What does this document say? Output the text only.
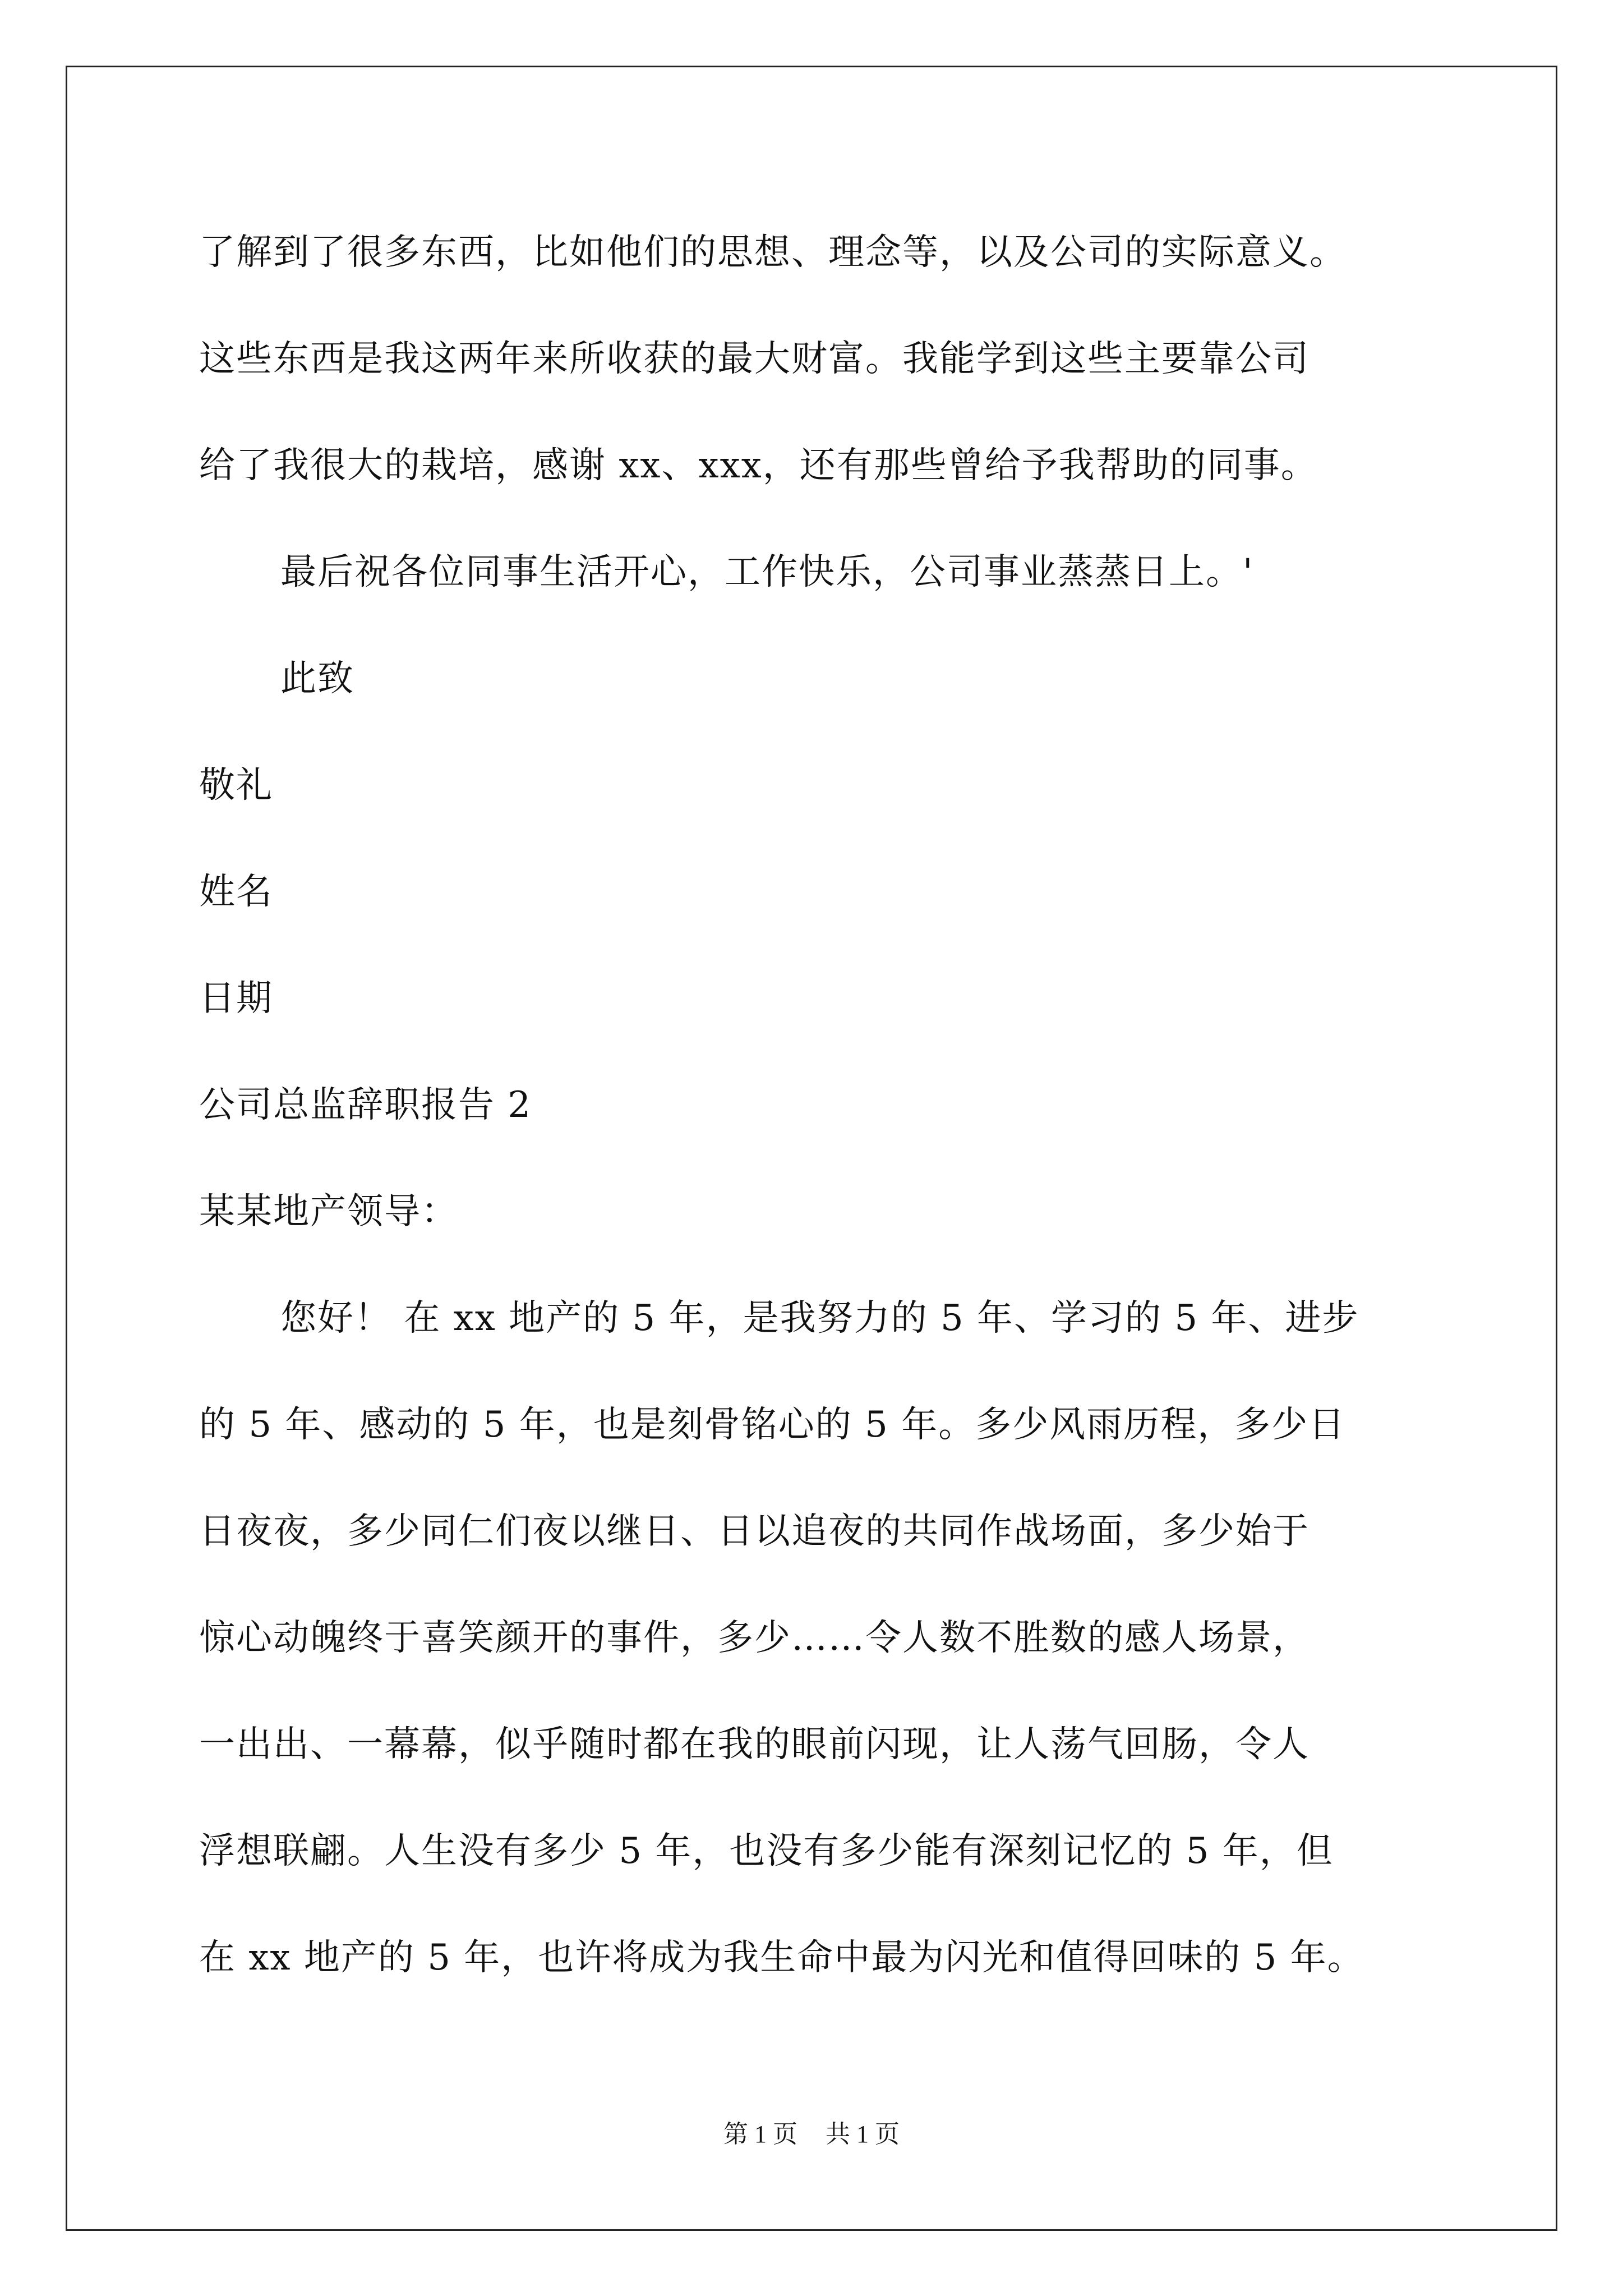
了解到了很多东西，比如他们的思想、理念等，以及公司的实际意义。
这些东西是我这两年来所收获的最大财富。我能学到这些主要靠公司
给了我很大的栽培，感谢 xx、xxx，还有那些曾给予我帮助的同事。
最后祝各位同事生活开心，工作快乐，公司事业蒸蒸日上。'
此致
敬礼
姓名
日期
公司总监辞职报告 2
某某地产领导：
您好！ 在 xx 地产的 5 年，是我努力的 5 年、学习的 5 年、进步
的 5 年、感动的 5 年，也是刻骨铭心的 5 年。多少风雨历程，多少日
日夜夜，多少同仁们夜以继日、日以追夜的共同作战场面，多少始于
惊心动魄终于喜笑颜开的事件，多少……令人数不胜数的感人场景，
一出出、一幕幕，似乎随时都在我的眼前闪现，让人荡气回肠，令人
浮想联翩。人生没有多少 5 年，也没有多少能有深刻记忆的 5 年，但
在 xx 地产的 5 年，也许将成为我生命中最为闪光和值得回味的 5 年。
第 1 页 共 1 页
